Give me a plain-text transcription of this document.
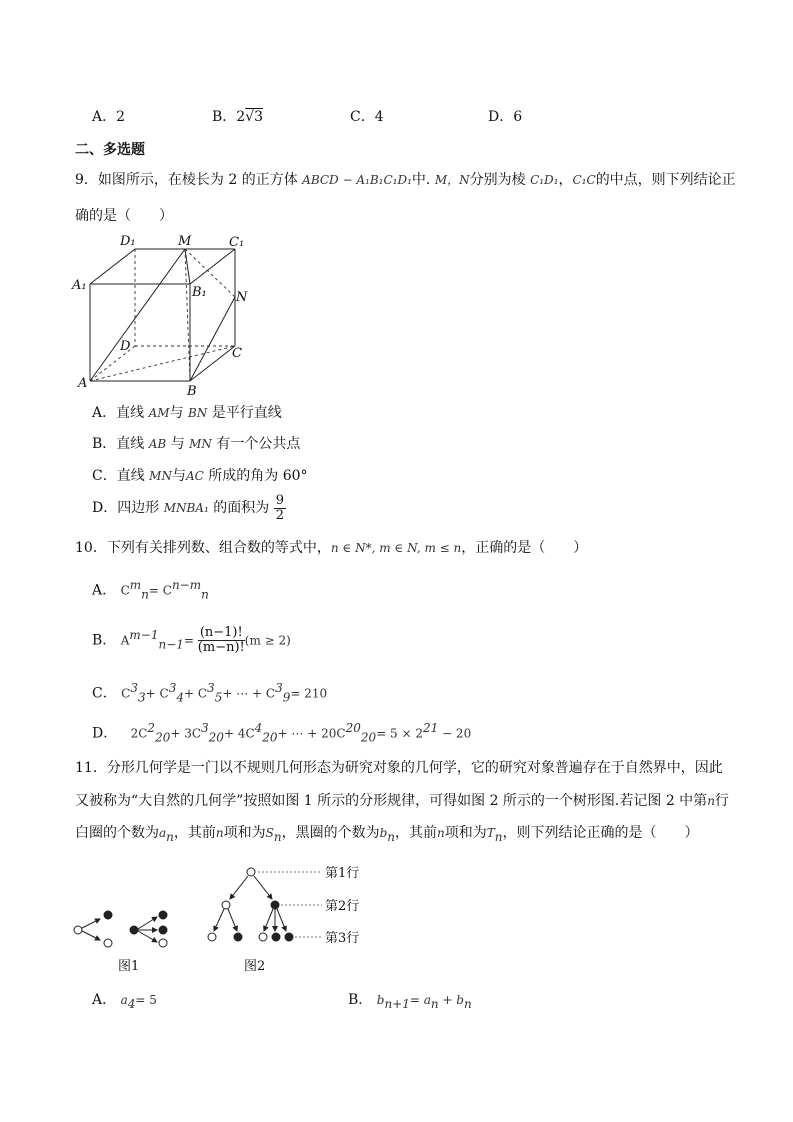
A．2	B．2√3	C．4	D．6
二、多选题
9．如图所示，在棱长为 2 的正方体 ABCD − A₁B₁C₁D₁中. M，N分别为棱 C₁D₁，C₁C的中点，则下列结论正
确的是（　　）
D₁	M	C₁
A₁	B₁ N
D	C
A
B
A．直线 AM与 BN 是平行直线
B．直线 AB 与 MN 有一个公共点
C．直线 MN与AC 所成的角为 60°
D．四边形 MNBA₁ 的面积为 $\frac{9}{2}$
10．下列有关排列数、组合数的等式中，n ∈ N*, m ∈ N, m ≤ n，正确的是（　　）
A． $C^m_n= C^{n-m}_n$
B． $A^{m-1}_{n-1}= \frac{(n-1)!}{(m-n)!} (m \ge 2)$
C． $C^3_3+ C^3_4+ C^3_5+$ ⋯ + $C^3_9= 210$
D． $2C^2_{20}+ 3C^3_{20}+ 4C^4_{20}+$ ⋯ + $20C^{20}_{20}= 5 \times 2^{21} - 20$
11．分形几何学是一门以不规则几何形态为研究对象的几何学，它的研究对象普遍存在于自然界中，因此
又被称为“大自然的几何学”按照如图 1 所示的分形规律，可得如图 2 所示的一个树形图.若记图 2 中第n行
白圈的个数为$a_n$，其前n项和为$S_n$，黑圈的个数为$b_n$，其前n项和为$T_n$，则下列结论正确的是（　　）
第1行
第2行
第3行
图1	图2
A． $a_4= 5$	B． $b_{n+1}= a_n + b_n$
